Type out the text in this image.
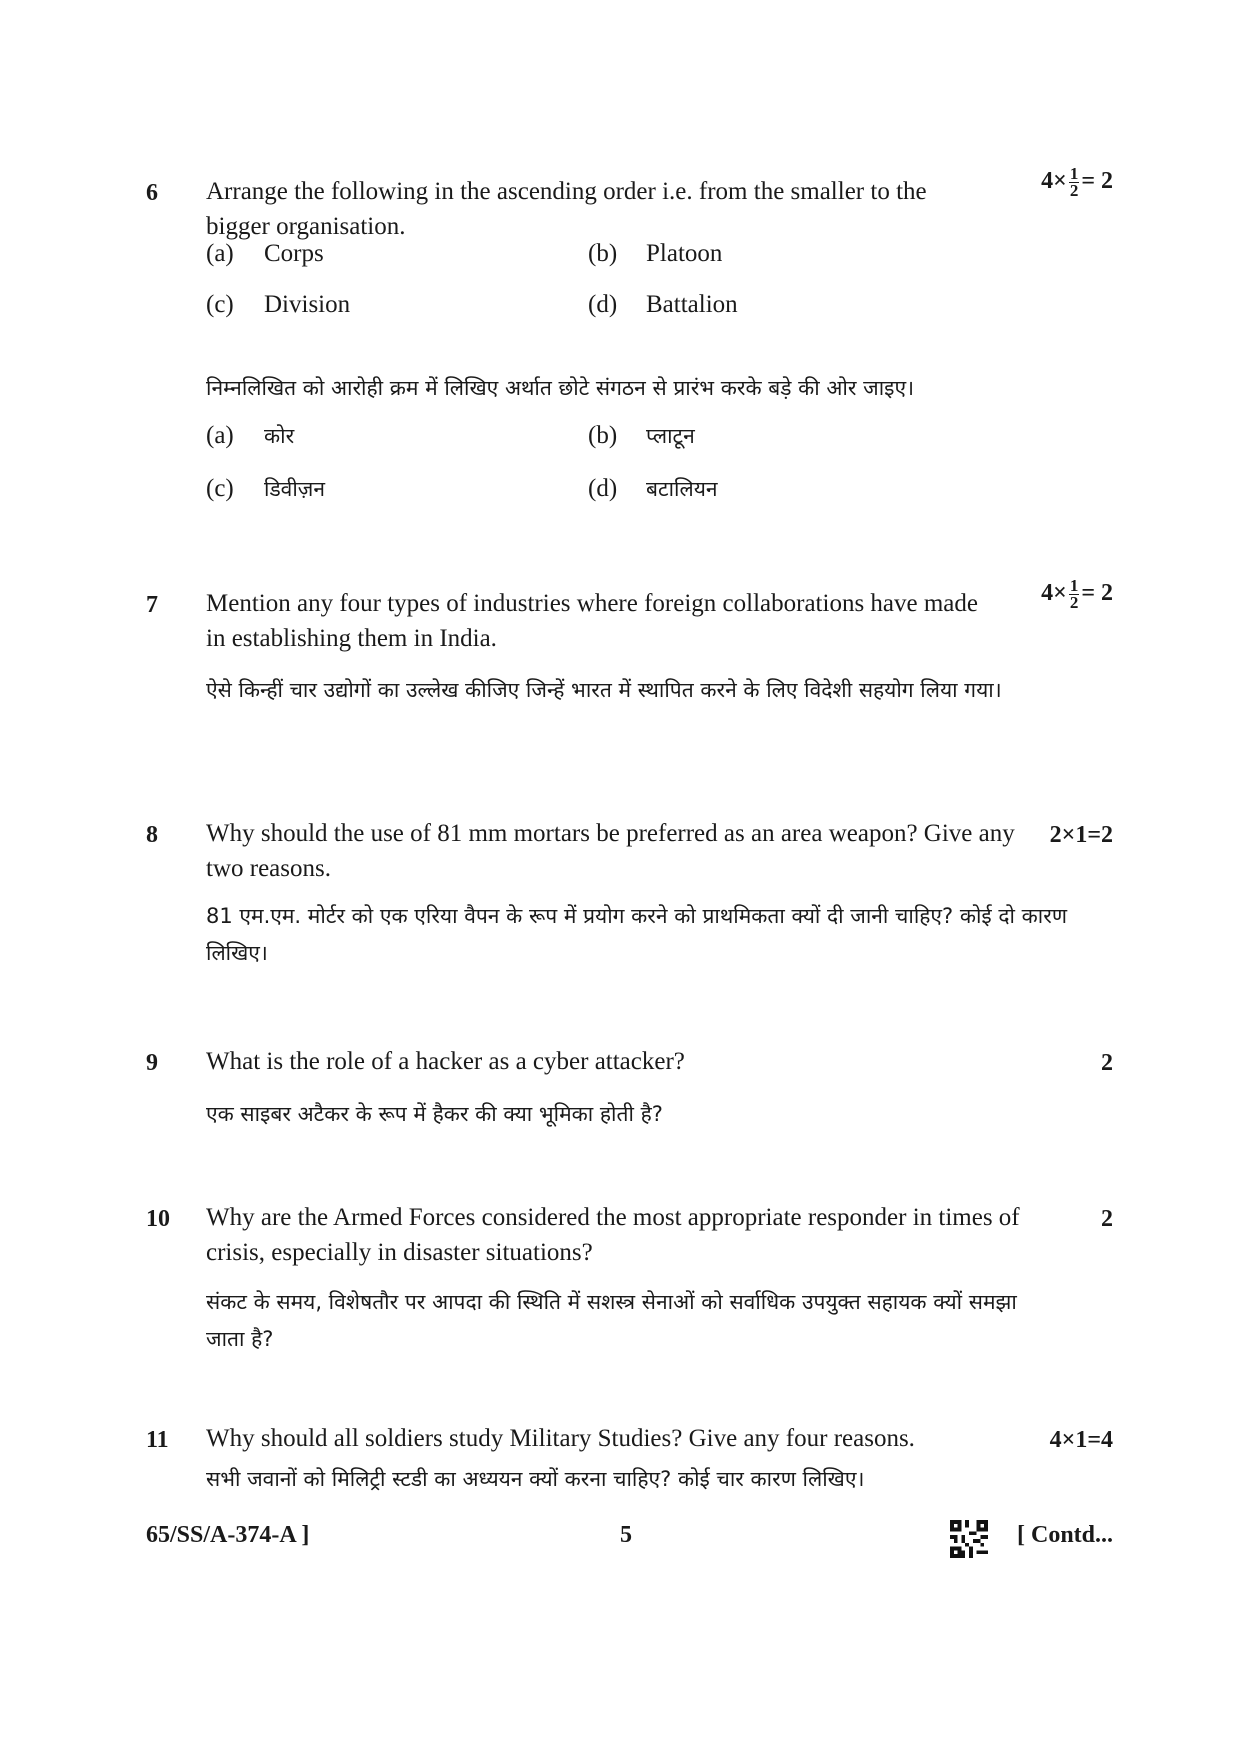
6 Arrange the following in the ascending order i.e. from the smaller to the bigger organisation.
$4\times \frac{1}{2} = 2$
(a) Corps	(b) Platoon
(c) Division	(d) Battalion
निम्नलिखित को आरोही क्रम में लिखिए अर्थात छोटे संगठन से प्रारंभ करके बड़े की ओर जाइए।
(a) कोर	(b) प्लाटून
(c) डिवीज़न	(d) बटालियन
7 Mention any four types of industries where foreign collaborations have made in establishing them in India.
$4\times \frac{1}{2} = 2$
ऐसे किन्हीं चार उद्योगों का उल्लेख कीजिए जिन्हें भारत में स्थापित करने के लिए विदेशी सहयोग लिया गया।
8 Why should the use of 81 mm mortars be preferred as an area weapon? Give any two reasons.
2×1=2
81 एम.एम. मोर्टर को एक एरिया वैपन के रूप में प्रयोग करने को प्राथमिकता क्यों दी जानी चाहिए? कोई दो कारण लिखिए।
9 What is the role of a hacker as a cyber attacker?	2
एक साइबर अटैकर के रूप में हैकर की क्या भूमिका होती है?
10 Why are the Armed Forces considered the most appropriate responder in times of crisis, especially in disaster situations?
2
संकट के समय, विशेषतौर पर आपदा की स्थिति में सशस्त्र सेनाओं को सर्वाधिक उपयुक्त सहायक क्यों समझा जाता है?
11 Why should all soldiers study Military Studies? Give any four reasons.	4×1=4
सभी जवानों को मिलिट्री स्टडी का अध्ययन क्यों करना चाहिए? कोई चार कारण लिखिए।
65/SS/A-374-A ]	5	[ Contd...
